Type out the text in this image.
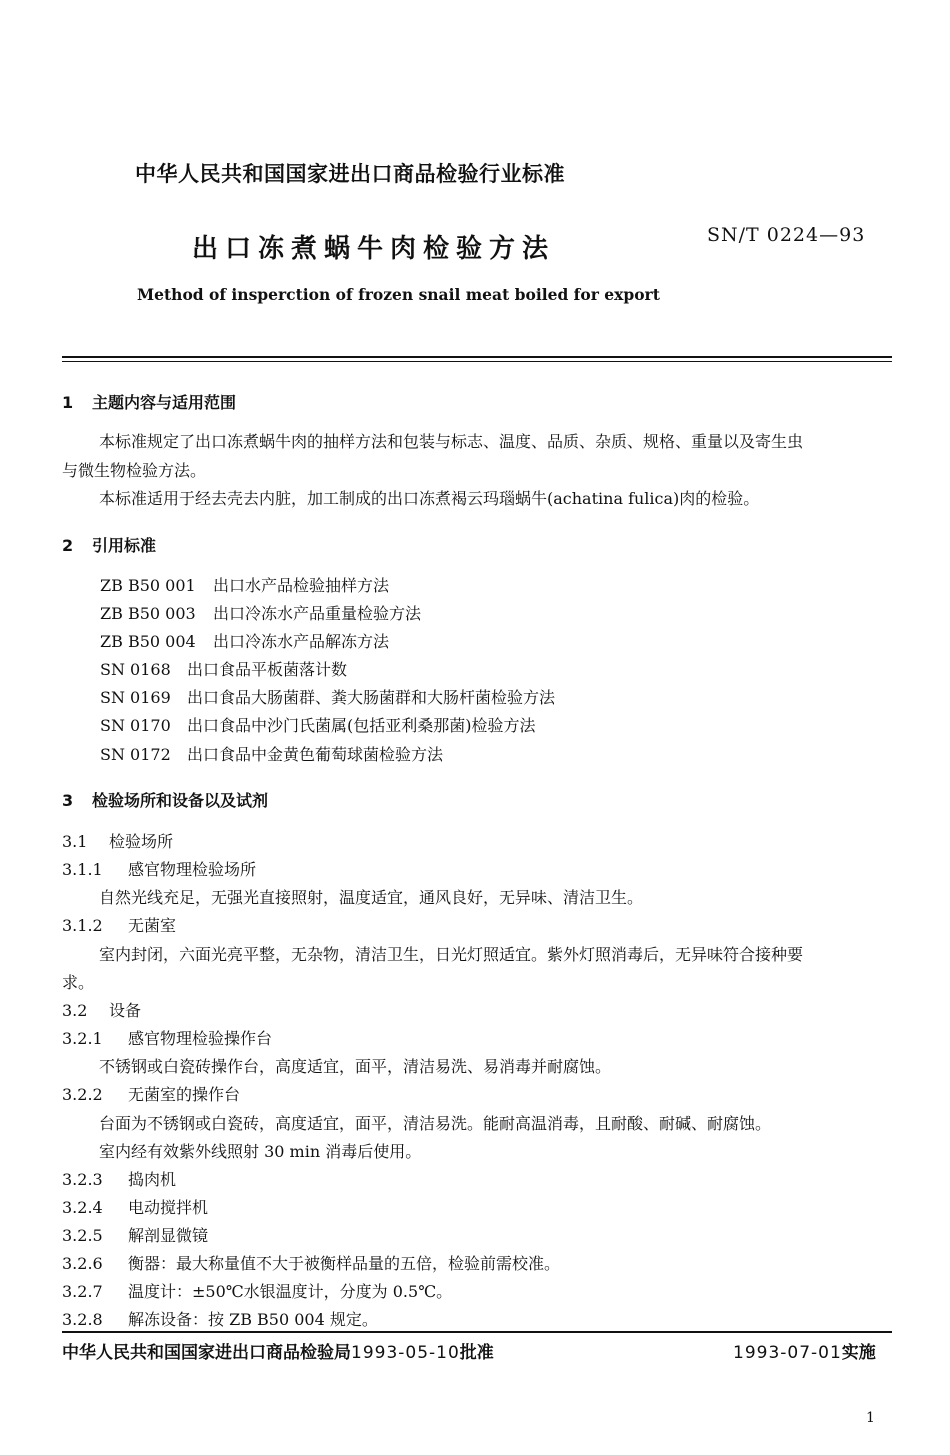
中华人民共和国国家进出口商品检验行业标准
出口冻煮蜗牛肉检验方法	SN/T 0224—93
Method of insperction of frozen snail meat boiled for export
1 主题内容与适用范围
本标准规定了出口冻煮蜗牛肉的抽样方法和包装与标志、温度、品质、杂质、规格、重量以及寄生虫
与微生物检验方法。
本标准适用于经去壳去内脏，加工制成的出口冻煮褐云玛瑙蜗牛(achatina fulica)肉的检验。
2 引用标准
ZB B50 001 出口水产品检验抽样方法
ZB B50 003 出口冷冻水产品重量检验方法
ZB B50 004 出口冷冻水产品解冻方法
SN 0168 出口食品平板菌落计数
SN 0169 出口食品大肠菌群、粪大肠菌群和大肠杆菌检验方法
SN 0170 出口食品中沙门氏菌属(包括亚利桑那菌)检验方法
SN 0172 出口食品中金黄色葡萄球菌检验方法
3 检验场所和设备以及试剂
3.1 检验场所
3.1.1 感官物理检验场所
自然光线充足，无强光直接照射，温度适宜，通风良好，无异味、清洁卫生。
3.1.2 无菌室
室内封闭，六面光亮平整，无杂物，清洁卫生，日光灯照适宜。紫外灯照消毒后，无异味符合接种要
求。
3.2 设备
3.2.1 感官物理检验操作台
不锈钢或白瓷砖操作台，高度适宜，面平，清洁易洗、易消毒并耐腐蚀。
3.2.2 无菌室的操作台
台面为不锈钢或白瓷砖，高度适宜，面平，清洁易洗。能耐高温消毒，且耐酸、耐碱、耐腐蚀。
室内经有效紫外线照射 30 min 消毒后使用。
3.2.3 捣肉机
3.2.4 电动搅拌机
3.2.5 解剖显微镜
3.2.6 衡器：最大称量值不大于被衡样品量的五倍，检验前需校准。
3.2.7 温度计：±50℃水银温度计，分度为 0.5℃。
3.2.8 解冻设备：按 ZB B50 004 规定。
中华人民共和国国家进出口商品检验局1993-05-10批准	1993-07-01实施
1
